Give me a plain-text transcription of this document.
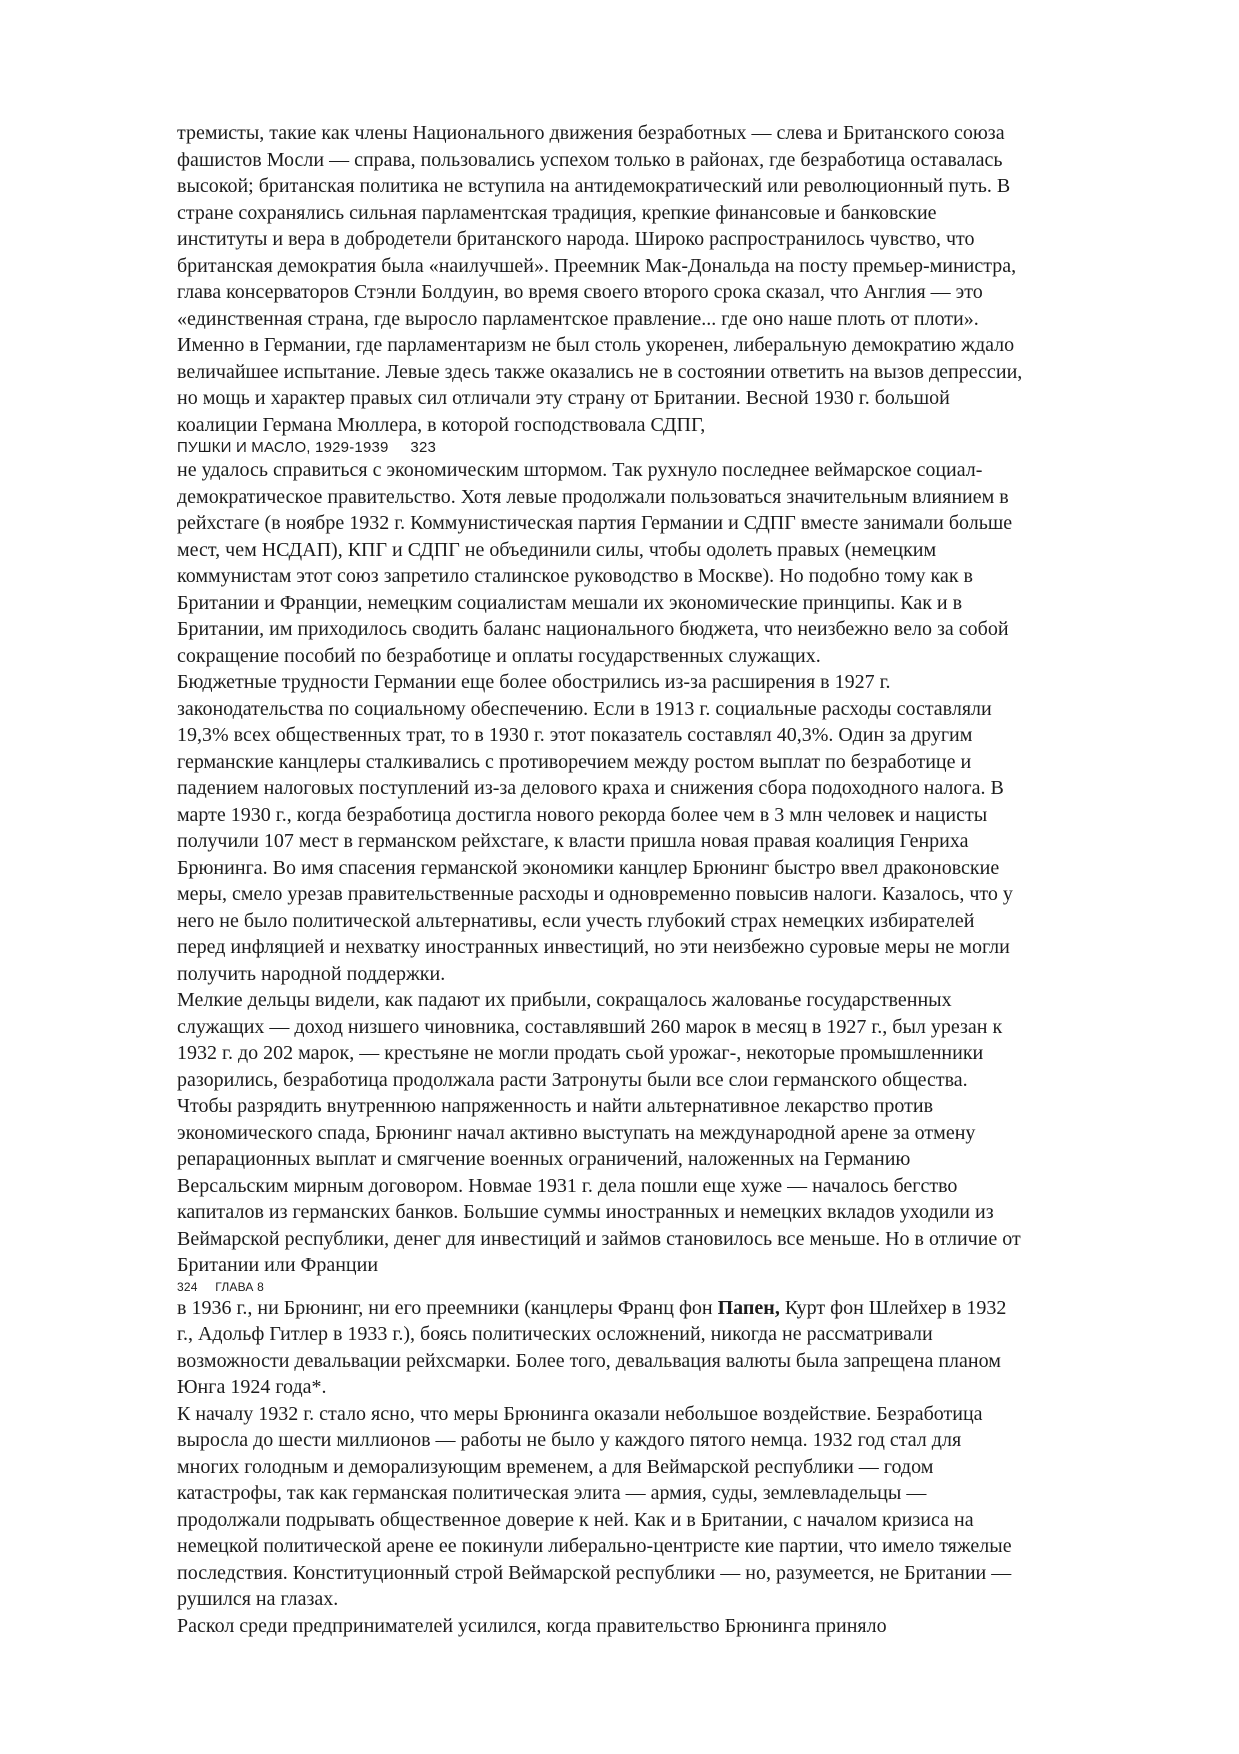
тремисты, такие как члены Национального движения безработных — слева и Британского союза
фашистов Мосли — справа, пользовались успехом только в районах, где безработица оставалась
высокой; британская политика не вступила на антидемократический или революционный путь. В
стране сохранялись сильная парламентская традиция, крепкие финансовые и банковские
институты и вера в добродетели британского народа. Широко распространилось чувство, что
британская демократия была «наилучшей». Преемник Мак-Дональда на посту премьер-министра,
глава консерваторов Стэнли Болдуин, во время своего второго срока сказал, что Англия — это
«единственная страна, где выросло парламентское правление... где оно наше плоть от плоти».
Именно в Германии, где парламентаризм не был столь укоренен, либеральную демократию ждало
величайшее испытание. Левые здесь также оказались не в состоянии ответить на вызов депрессии,
но мощь и характер правых сил отличали эту страну от Британии. Весной 1930 г. большой
коалиции Германа Мюллера, в которой господствовала СДПГ,
ПУШКИ И МАСЛО, 1929-1939     323
не удалось справиться с экономическим штормом. Так рухнуло последнее веймарское социал-
демократическое правительство. Хотя левые продолжали пользоваться значительным влиянием в
рейхстаге (в ноябре 1932 г. Коммунистическая партия Германии и СДПГ вместе занимали больше
мест, чем НСДАП), КПГ и СДПГ не объединили силы, чтобы одолеть правых (немецким
коммунистам этот союз запретило сталинское руководство в Москве). Но подобно тому как в
Британии и Франции, немецким социалистам мешали их экономические принципы. Как и в
Британии, им приходилось сводить баланс национального бюджета, что неизбежно вело за собой
сокращение пособий по безработице и оплаты государственных служащих.
Бюджетные трудности Германии еще более обострились из-за расширения в 1927 г.
законодательства по социальному обеспечению. Если в 1913 г. социальные расходы составляли
19,3% всех общественных трат, то в 1930 г. этот показатель составлял 40,3%. Один за другим
германские канцлеры сталкивались с противоречием между ростом выплат по безработице и
падением налоговых поступлений из-за делового краха и снижения сбора подоходного налога. В
марте 1930 г., когда безработица достигла нового рекорда более чем в 3 млн человек и нацисты
получили 107 мест в германском рейхстаге, к власти пришла новая правая коалиция Генриха
Брюнинга. Во имя спасения германской экономики канцлер Брюнинг быстро ввел драконовские
меры, смело урезав правительственные расходы и одновременно повысив налоги. Казалось, что у
него не было политической альтернативы, если учесть глубокий страх немецких избирателей
перед инфляцией и нехватку иностранных инвестиций, но эти неизбежно суровые меры не могли
получить народной поддержки.
Мелкие дельцы видели, как падают их прибыли, сокращалось жалованье государственных
служащих — доход низшего чиновника, составлявший 260 марок в месяц в 1927 г., был урезан к
1932 г. до 202 марок, — крестьяне не могли продать сьой урожаг-, некоторые промышленники
разорились, безработица продолжала расти Затронуты были все слои германского общества.
Чтобы разрядить внутреннюю напряженность и найти альтернативное лекарство против
экономического спада, Брюнинг начал активно выступать на международной арене за отмену
репарационных выплат и смягчение военных ограничений, наложенных на Германию
Версальским мирным договором. Новмае 1931 г. дела пошли еще хуже — началось бегство
капиталов из германских банков. Большие суммы иностранных и немецких вкладов уходили из
Веймарской республики, денег для инвестиций и займов становилось все меньше. Но в отличие от
Британии или Франции
324     ГЛАВА 8
в 1936 г., ни Брюнинг, ни его преемники (канцлеры Франц фон Папен, Курт фон Шлейхер в 1932
г., Адольф Гитлер в 1933 г.), боясь политических осложнений, никогда не рассматривали
возможности девальвации рейхсмарки. Более того, девальвация валюты была запрещена планом
Юнга 1924 года*.
К началу 1932 г. стало ясно, что меры Брюнинга оказали небольшое воздействие. Безработица
выросла до шести миллионов — работы не было у каждого пятого немца. 1932 год стал для
многих голодным и деморализующим временем, а для Веймарской республики — годом
катастрофы, так как германская политическая элита — армия, суды, землевладельцы —
продолжали подрывать общественное доверие к ней. Как и в Британии, с началом кризиса на
немецкой политической арене ее покинули либерально-центристе кие партии, что имело тяжелые
последствия. Конституционный строй Веймарской республики — но, разумеется, не Британии —
рушился на глазах.
Раскол среди предпринимателей усилился, когда правительство Брюнинга приняло
